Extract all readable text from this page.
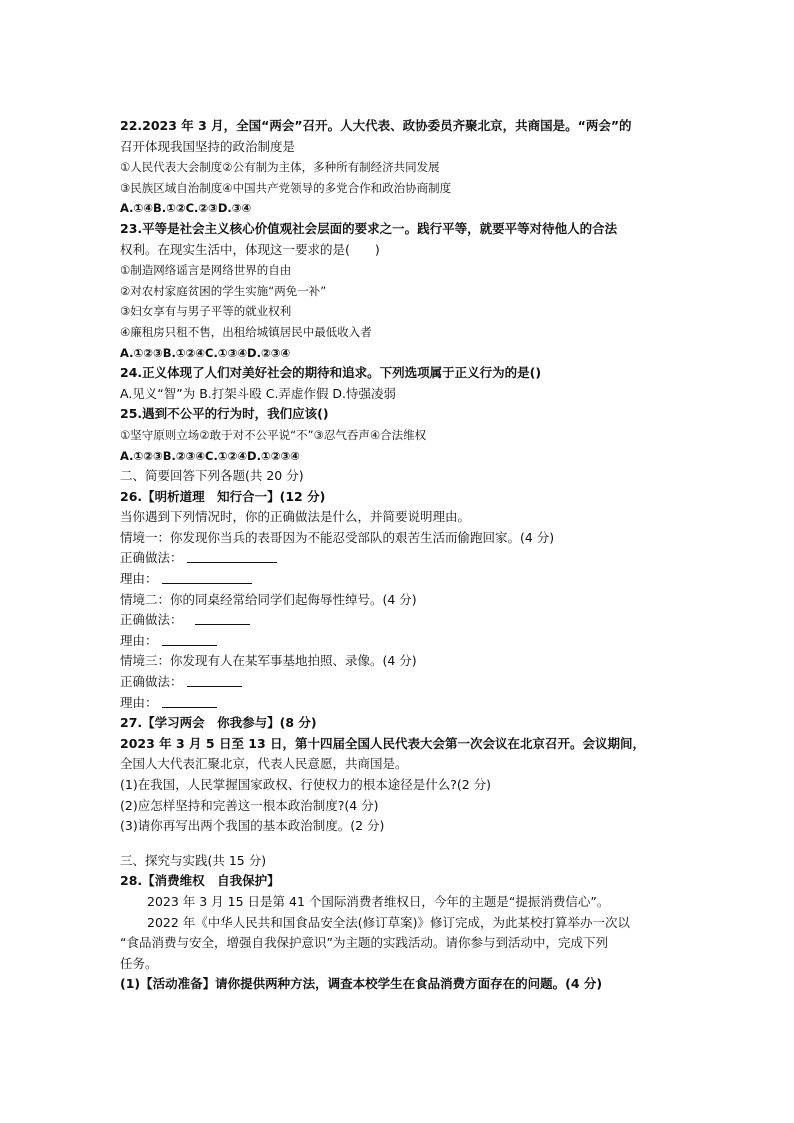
22.2023 年 3 月，全国“两会”召开。人大代表、政协委员齐聚北京，共商国是。“两会”的
召开体现我国坚持的政治制度是
①人民代表大会制度②公有制为主体，多种所有制经济共同发展
③民族区域自治制度④中国共产党领导的多党合作和政治协商制度
A.①④B.①②C.②③D.③④
23.平等是社会主义核心价值观社会层面的要求之一。践行平等，就要平等对待他人的合法
权利。在现实生活中，体现这一要求的是(　　)
①制造网络谣言是网络世界的自由
②对农村家庭贫困的学生实施“两免一补”
③妇女享有与男子平等的就业权利
④廉租房只租不售，出租给城镇居民中最低收入者
A.①②③B.①②④C.①③④D.②③④
24.正义体现了人们对美好社会的期待和追求。下列选项属于正义行为的是()
A.见义“智”为 B.打架斗殴 C.弄虚作假 D.恃强凌弱
25.遇到不公平的行为时，我们应该()
①坚守原则立场②敢于对不公平说“不”③忍气吞声④合法维权
A.①②③B.②③④C.①②④D.①②③④
二、简要回答下列各题(共 20 分)
26.【明析道理　知行合一】(12 分)
当你遇到下列情况时，你的正确做法是什么，并简要说明理由。
情境一：你发现你当兵的表哥因为不能忍受部队的艰苦生活而偷跑回家。(4 分)
正确做法：
理由：
情境二：你的同桌经常给同学们起侮辱性绰号。(4 分)
正确做法：
理由：
情境三：你发现有人在某军事基地拍照、录像。(4 分)
正确做法：
理由：
27.【学习两会　你我参与】(8 分)
2023 年 3 月 5 日至 13 日，第十四届全国人民代表大会第一次会议在北京召开。会议期间，
全国人大代表汇聚北京，代表人民意愿，共商国是。
(1)在我国，人民掌握国家政权、行使权力的根本途径是什么?(2 分)
(2)应怎样坚持和完善这一根本政治制度?(4 分)
(3)请你再写出两个我国的基本政治制度。(2 分)
三、探究与实践(共 15 分)
28.【消费维权　自我保护】
2023 年 3 月 15 日是第 41 个国际消费者维权日，今年的主题是“提振消费信心”。
2022 年《中华人民共和国食品安全法(修订草案)》修订完成，为此某校打算举办一次以
“食品消费与安全，增强自我保护意识”为主题的实践活动。请你参与到活动中，完成下列
任务。
(1)【活动准备】请你提供两种方法，调查本校学生在食品消费方面存在的问题。(4 分)
